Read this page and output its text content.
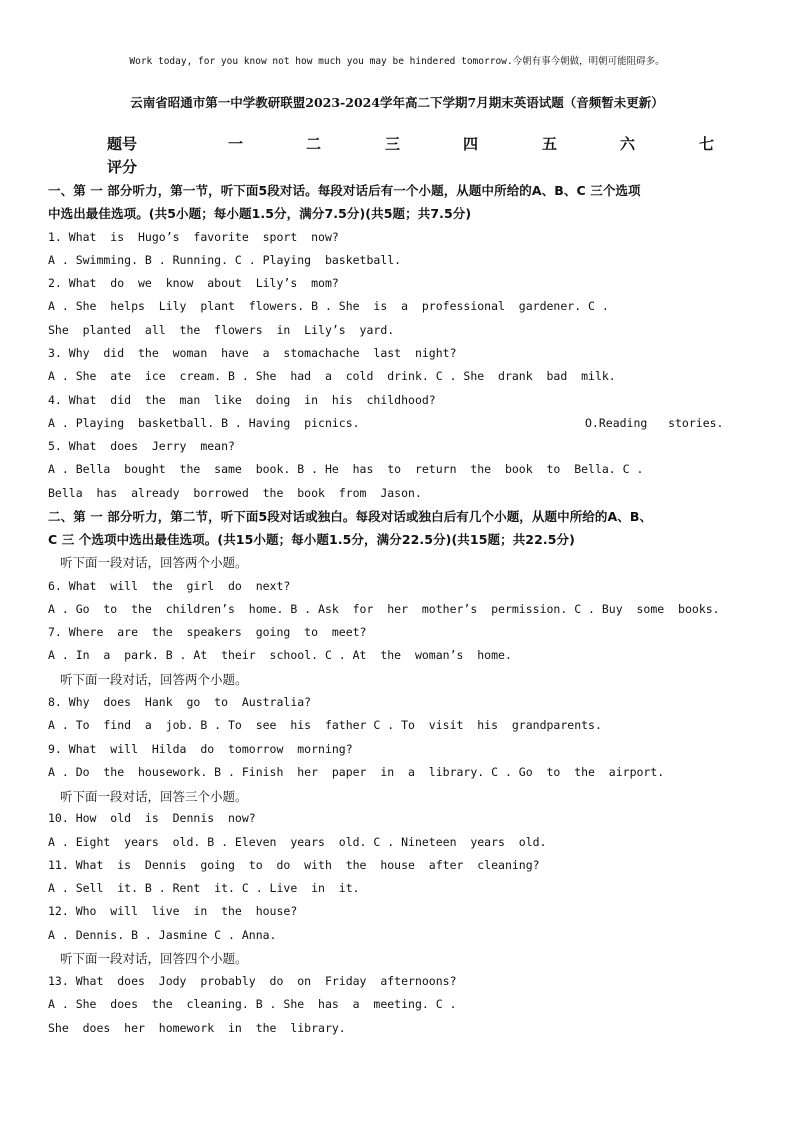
Work today, for you know not how much you may be hindered tomorrow.今朝有事今朝做，明朝可能阻碍多。
云南省昭通市第一中学教研联盟2023-2024学年高二下学期7月期末英语试题（音频暂未更新）
题号	一	二	三	四	五	六	七
评分
一、第 一 部分听力，第一节，听下面5段对话。每段对话后有一个小题，从题中所给的A、B、C 三个选项
中选出最佳选项。(共5小题；每小题1.5分，满分7.5分)(共5题；共7.5分)
1. What  is  Hugo’s  favorite  sport  now?
A . Swimming. B . Running. C . Playing  basketball.
2. What  do  we  know  about  Lily’s  mom?
A . She  helps  Lily  plant  flowers. B . She  is  a  professional  gardener. C .
She  planted  all  the  flowers  in  Lily’s  yard.
3. Why  did  the  woman  have  a  stomachache  last  night?
A . She  ate  ice  cream. B . She  had  a  cold  drink. C . She  drank  bad  milk.
4. What  did  the  man  like  doing  in  his  childhood?
A . Playing  basketball. B . Having  picnics.	O.Reading   stories.
5. What  does  Jerry  mean?
A . Bella  bought  the  same  book. B . He  has  to  return  the  book  to  Bella. C .
Bella  has  already  borrowed  the  book  from  Jason.
二、第 一 部分听力，第二节，听下面5段对话或独白。每段对话或独白后有几个小题，从题中所给的A、B、
C 三 个选项中选出最佳选项。(共15小题；每小题1.5分，满分22.5分)(共15题；共22.5分)
听下面一段对话，回答两个小题。
6. What  will  the  girl  do  next?
A . Go  to  the  children’s  home. B . Ask  for  her  mother’s  permission. C . Buy  some  books.
7. Where  are  the  speakers  going  to  meet?
A . In  a  park. B . At  their  school. C . At  the  woman’s  home.
听下面一段对话，回答两个小题。
8. Why  does  Hank  go  to  Australia?
A . To  find  a  job. B . To  see  his  father C . To  visit  his  grandparents.
9. What  will  Hilda  do  tomorrow  morning?
A . Do  the  housework. B . Finish  her  paper  in  a  library. C . Go  to  the  airport.
听下面一段对话，回答三个小题。
10. How  old  is  Dennis  now?
A . Eight  years  old. B . Eleven  years  old. C . Nineteen  years  old.
11. What  is  Dennis  going  to  do  with  the  house  after  cleaning?
A . Sell  it. B . Rent  it. C . Live  in  it.
12. Who  will  live  in  the  house?
A . Dennis. B . Jasmine C . Anna.
听下面一段对话，回答四个小题。
13. What  does  Jody  probably  do  on  Friday  afternoons?
A . She  does  the  cleaning. B . She  has  a  meeting. C .
She  does  her  homework  in  the  library.
